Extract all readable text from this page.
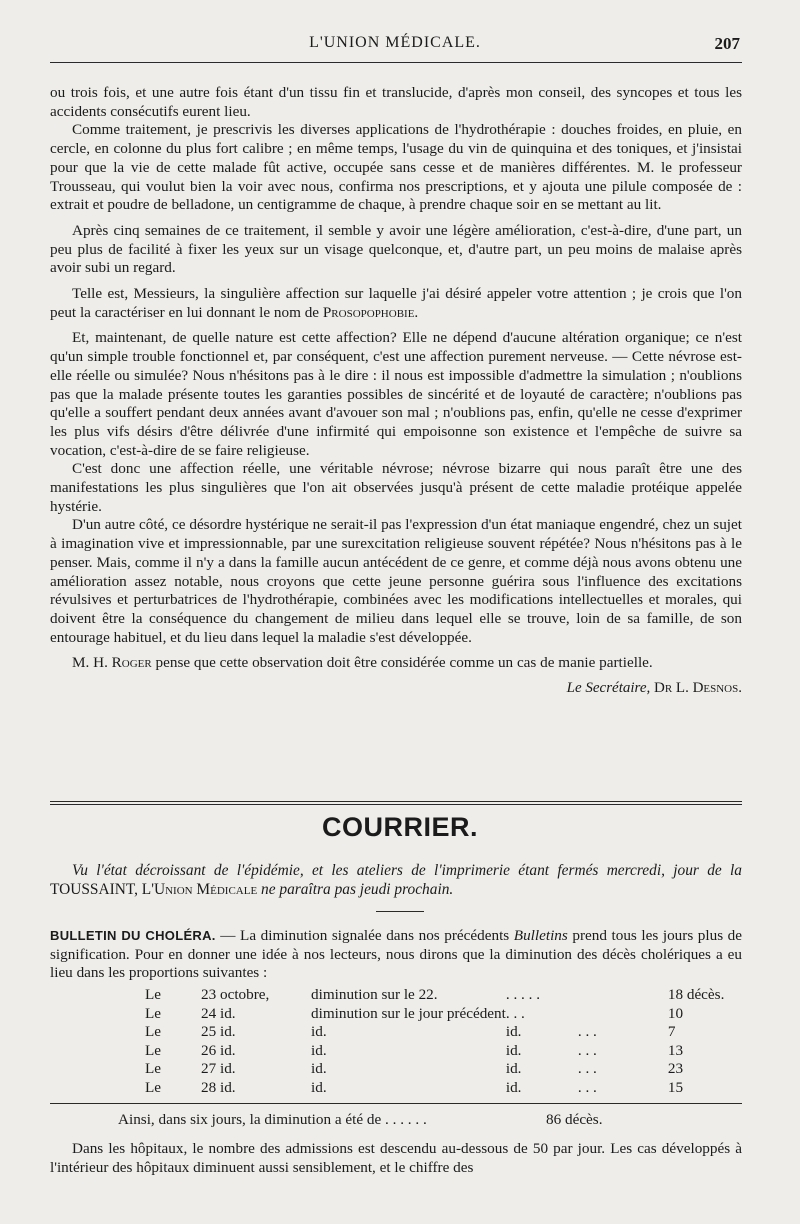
L'UNION MÉDICALE.	207

ou trois fois, et une autre fois étant d'un tissu fin et translucide, d'après mon conseil, des syncopes et tous les accidents consécutifs eurent lieu.

Comme traitement, je prescrivis les diverses applications de l'hydrothérapie : douches froides, en pluie, en cercle, en colonne du plus fort calibre ; en même temps, l'usage du vin de quinquina et des toniques, et j'insistai pour que la vie de cette malade fût active, occupée sans cesse et de manières différentes. M. le professeur Trousseau, qui voulut bien la voir avec nous, confirma nos prescriptions, et y ajouta une pilule composée de : extrait et poudre de belladone, un centigramme de chaque, à prendre chaque soir en se mettant au lit.

Après cinq semaines de ce traitement, il semble y avoir une légère amélioration, c'est-à-dire, d'une part, un peu plus de facilité à fixer les yeux sur un visage quelconque, et, d'autre part, un peu moins de malaise après avoir subi un regard.

Telle est, Messieurs, la singulière affection sur laquelle j'ai désiré appeler votre attention ; je crois que l'on peut la caractériser en lui donnant le nom de Prosopophobie.

Et, maintenant, de quelle nature est cette affection? Elle ne dépend d'aucune altération organique; ce n'est qu'un simple trouble fonctionnel et, par conséquent, c'est une affection purement nerveuse. — Cette névrose est-elle réelle ou simulée? Nous n'hésitons pas à le dire : il nous est impossible d'admettre la simulation ; n'oublions pas que la malade présente toutes les garanties possibles de sincérité et de loyauté de caractère; n'oublions pas qu'elle a souffert pendant deux années avant d'avouer son mal ; n'oublions pas, enfin, qu'elle ne cesse d'exprimer les plus vifs désirs d'être délivrée d'une infirmité qui empoisonne son existence et l'empêche de suivre sa vocation, c'est-à-dire de se faire religieuse.

C'est donc une affection réelle, une véritable névrose; névrose bizarre qui nous paraît être une des manifestations les plus singulières que l'on ait observées jusqu'à présent de cette maladie protéique appelée hystérie.

D'un autre côté, ce désordre hystérique ne serait-il pas l'expression d'un état maniaque engendré, chez un sujet à imagination vive et impressionnable, par une surexcitation religieuse souvent répétée? Nous n'hésitons pas à le penser. Mais, comme il n'y a dans la famille aucun antécédent de ce genre, et comme déjà nous avons obtenu une amélioration assez notable, nous croyons que cette jeune personne guérira sous l'influence des excitations révulsives et perturbatrices de l'hydrothérapie, combinées avec les modifications intellectuelles et morales, qui doivent être la conséquence du changement de milieu dans lequel elle se trouve, loin de sa famille, de son entourage habituel, et du lieu dans lequel la maladie s'est développée.

M. H. Roger pense que cette observation doit être considérée comme un cas de manie partielle.

Le Secrétaire, Dr L. Desnos.
COURRIER.

Vu l'état décroissant de l'épidémie, et les ateliers de l'imprimerie étant fermés mercredi, jour de la TOUSSAINT, L'Union Médicale ne paraîtra pas jeudi prochain.

BULLETIN DU CHOLÉRA. — La diminution signalée dans nos précédents Bulletins prend tous les jours plus de signification. Pour en donner une idée à nos lecteurs, nous dirons que la diminution des décès cholériques a eu lieu dans les proportions suivantes :
Le	23 octobre,	diminution sur le 22.	. . . . .		18 décès.
Le	24 id.	diminution sur le jour précédent	. . .		10
Le	25 id.	id.	id.	. . .	7
Le	26 id.	id.	id.	. . .	13
Le	27 id.	id.	id.	. . .	23
Le	28 id.	id.	id.	. . .	15
Ainsi, dans six jours, la diminution a été de . . . . . .	86 décès.

Dans les hôpitaux, le nombre des admissions est descendu au-dessous de 50 par jour. Les cas développés à l'intérieur des hôpitaux diminuent aussi sensiblement, et le chiffre des
